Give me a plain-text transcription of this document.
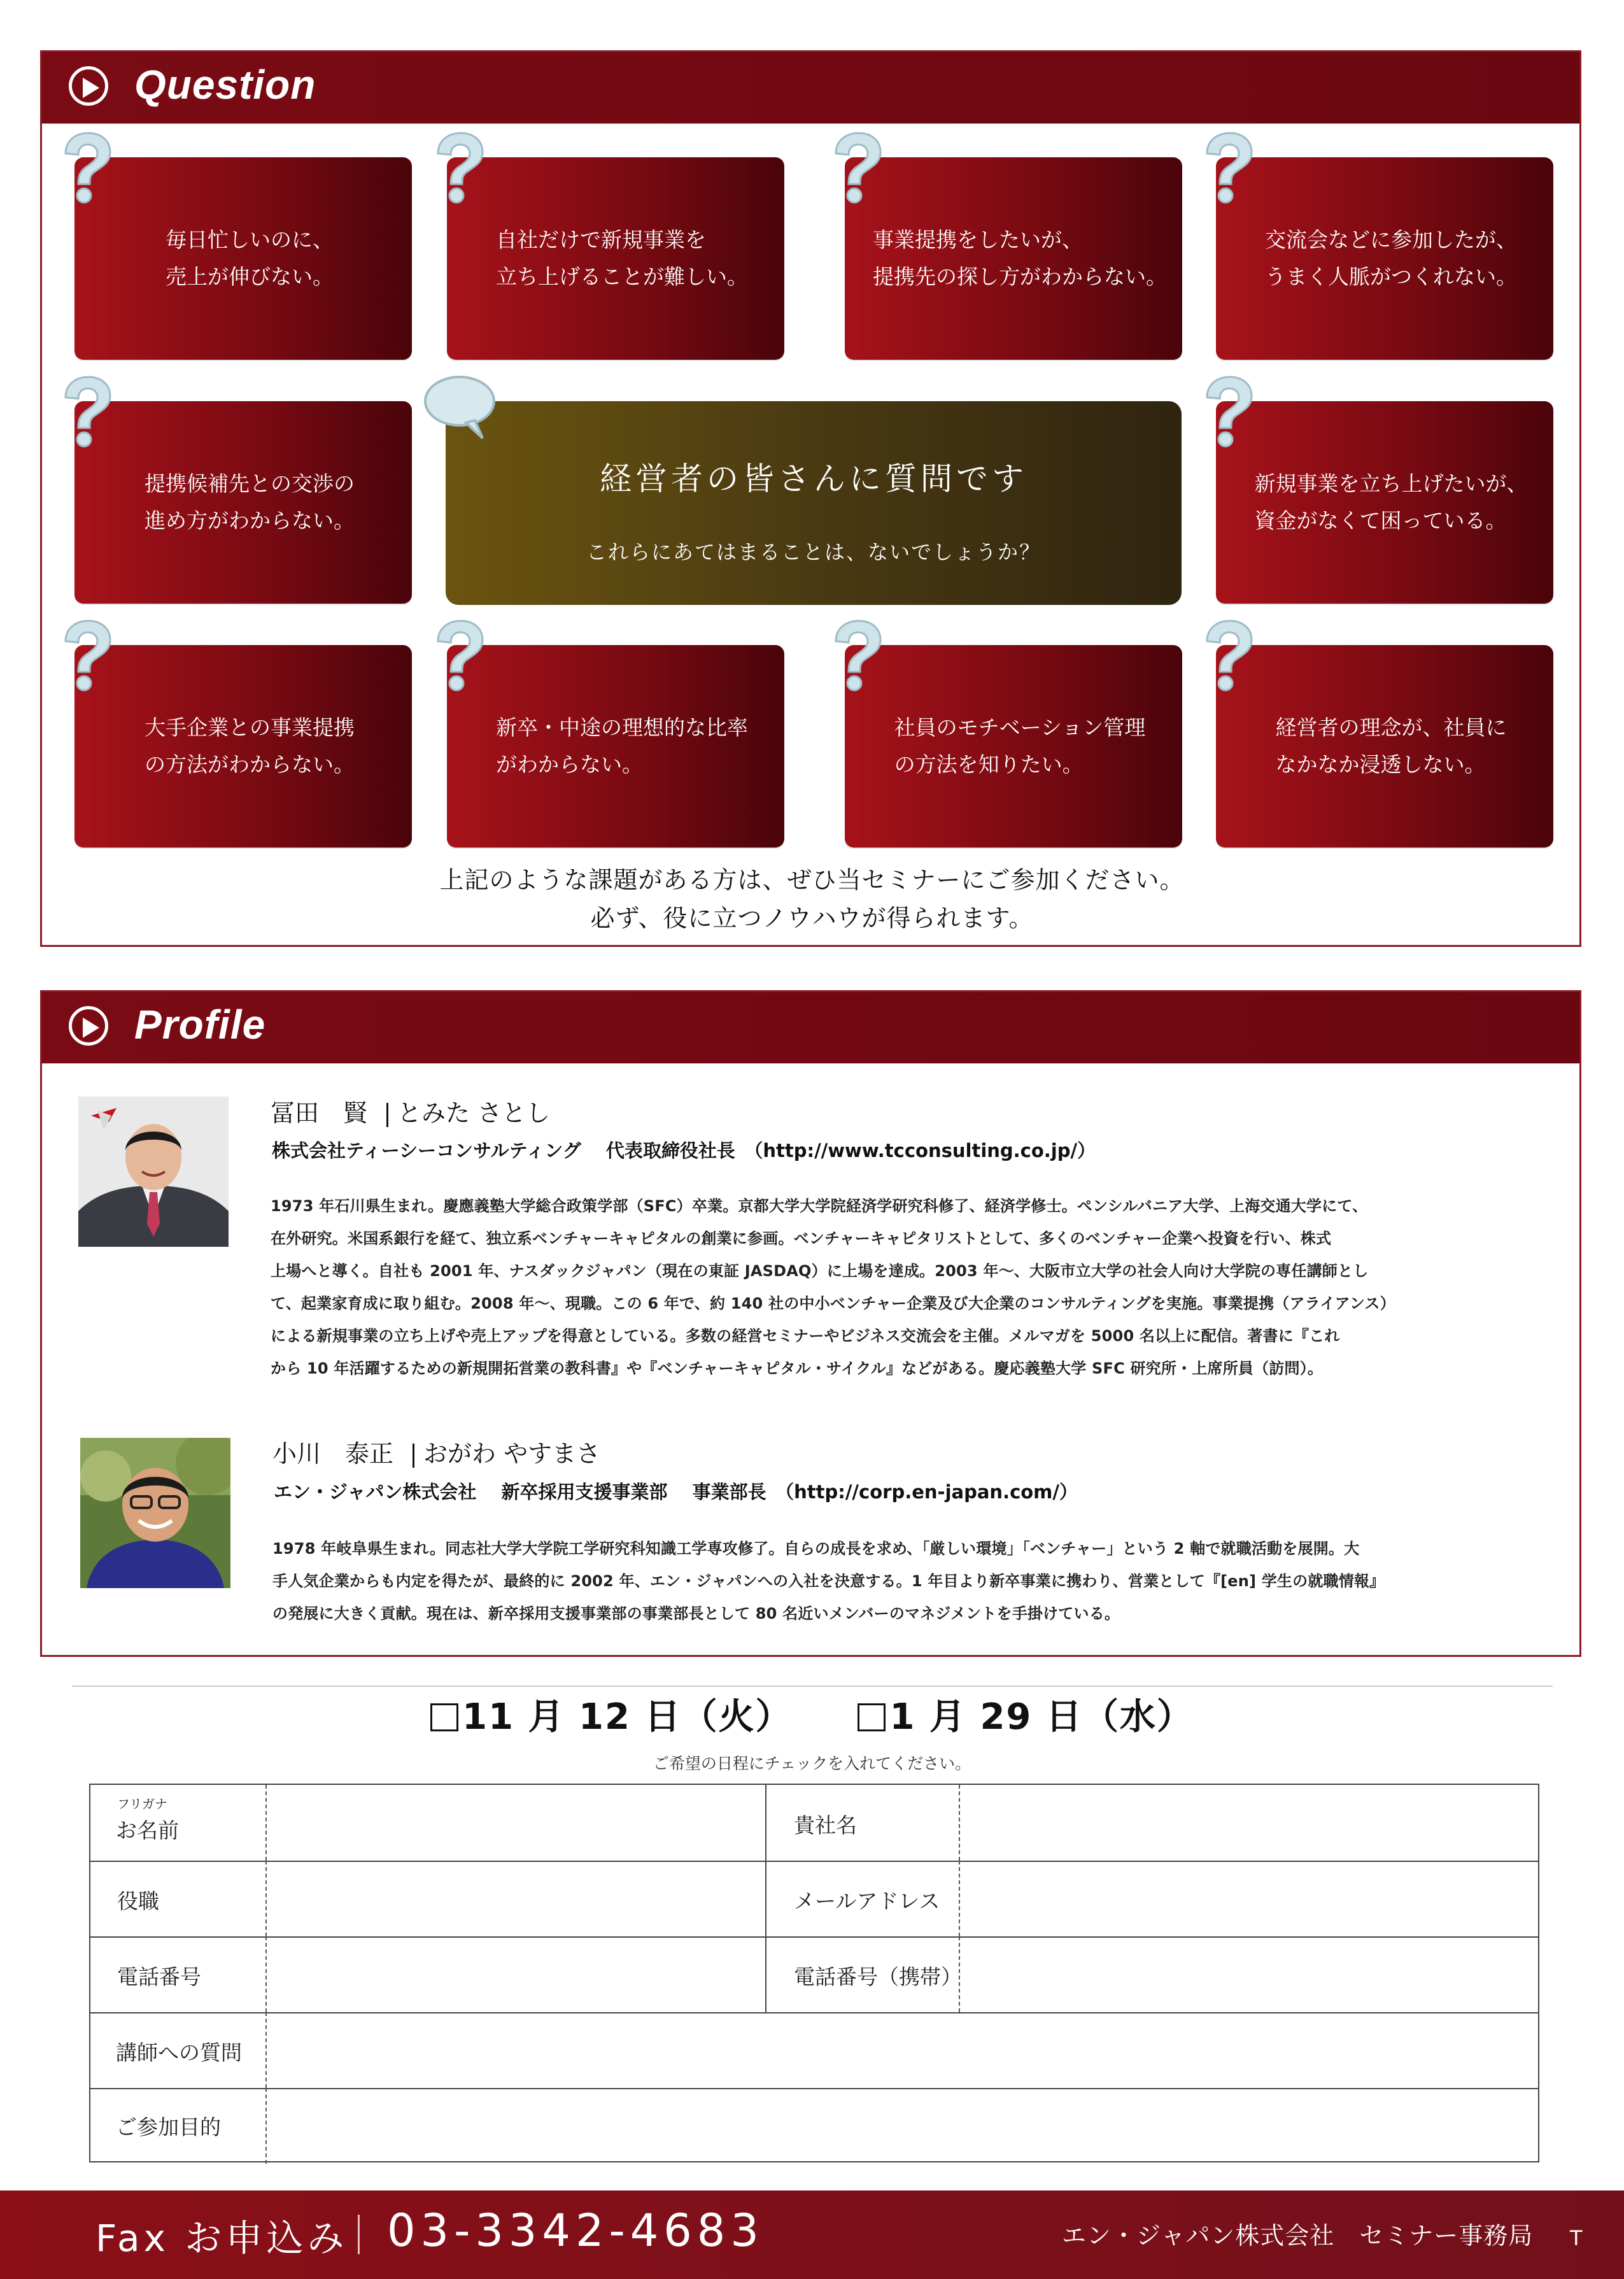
Question
毎日忙しいのに、
売上が伸びない。
自社だけで新規事業を
立ち上げることが難しい。
事業提携をしたいが、
提携先の探し方がわからない。
交流会などに参加したが、
うまく人脈がつくれない。
提携候補先との交渉の
進め方がわからない。
経営者の皆さんに質問です
これらにあてはまることは、ないでしょうか？
新規事業を立ち上げたいが、
資金がなくて困っている。
大手企業との事業提携
の方法がわからない。
新卒・中途の理想的な比率
がわからない。
社員のモチベーション管理
の方法を知りたい。
経営者の理念が、社員に
なかなか浸透しない。
上記のような課題がある方は、ぜひ当セミナーにご参加ください。
必ず、役に立つノウハウが得られます。
Profile
冨田　賢 とみた さとし
株式会社ティーシーコンサルティング　 代表取締役社長　（http://www.tcconsulting.co.jp/）
1973 年石川県生まれ。慶應義塾大学総合政策学部（SFC）卒業。京都大学大学院経済学研究科修了、経済学修士。ペンシルバニア大学、上海交通大学にて、
在外研究。米国系銀行を経て、独立系ベンチャーキャピタルの創業に参画。ベンチャーキャピタリストとして、多くのベンチャー企業へ投資を行い、株式
上場へと導く。自社も 2001 年、ナスダックジャパン（現在の東証 JASDAQ）に上場を達成。2003 年〜、大阪市立大学の社会人向け大学院の専任講師とし
て、起業家育成に取り組む。2008 年〜、現職。この 6 年で、約 140 社の中小ベンチャー企業及び大企業のコンサルティングを実施。事業提携（アライアンス）
による新規事業の立ち上げや売上アップを得意としている。多数の経営セミナーやビジネス交流会を主催。メルマガを 5000 名以上に配信。著書に『これ
から 10 年活躍するための新規開拓営業の教科書』や『ベンチャーキャピタル・サイクル』などがある。慶応義塾大学 SFC 研究所・上席所員（訪問）。
小川　泰正 おがわ やすまさ
エン・ジャパン株式会社　 新卒採用支援事業部　 事業部長　（http://corp.en-japan.com/）
1978 年岐阜県生まれ。同志社大学大学院工学研究科知識工学専攻修了。自らの成長を求め、「厳しい環境」「ベンチャー」という 2 軸で就職活動を展開。大
手人気企業からも内定を得たが、最終的に 2002 年、エン・ジャパンへの入社を決意する。1 年目より新卒事業に携わり、営業として『[en] 学生の就職情報』
の発展に大きく貢献。現在は、新卒採用支援事業部の事業部長として 80 名近いメンバーのマネジメントを手掛けている。
11 月 12 日（火）	1 月 29 日（水）
ご希望の日程にチェックを入れてください。
フリガナ
お名前	貴社名
役職	メールアドレス
電話番号	電話番号（携帯）
講師への質問
ご参加目的
Fax お申込み 03-3342-4683	エン・ジャパン株式会社　セミナー事務局 T
